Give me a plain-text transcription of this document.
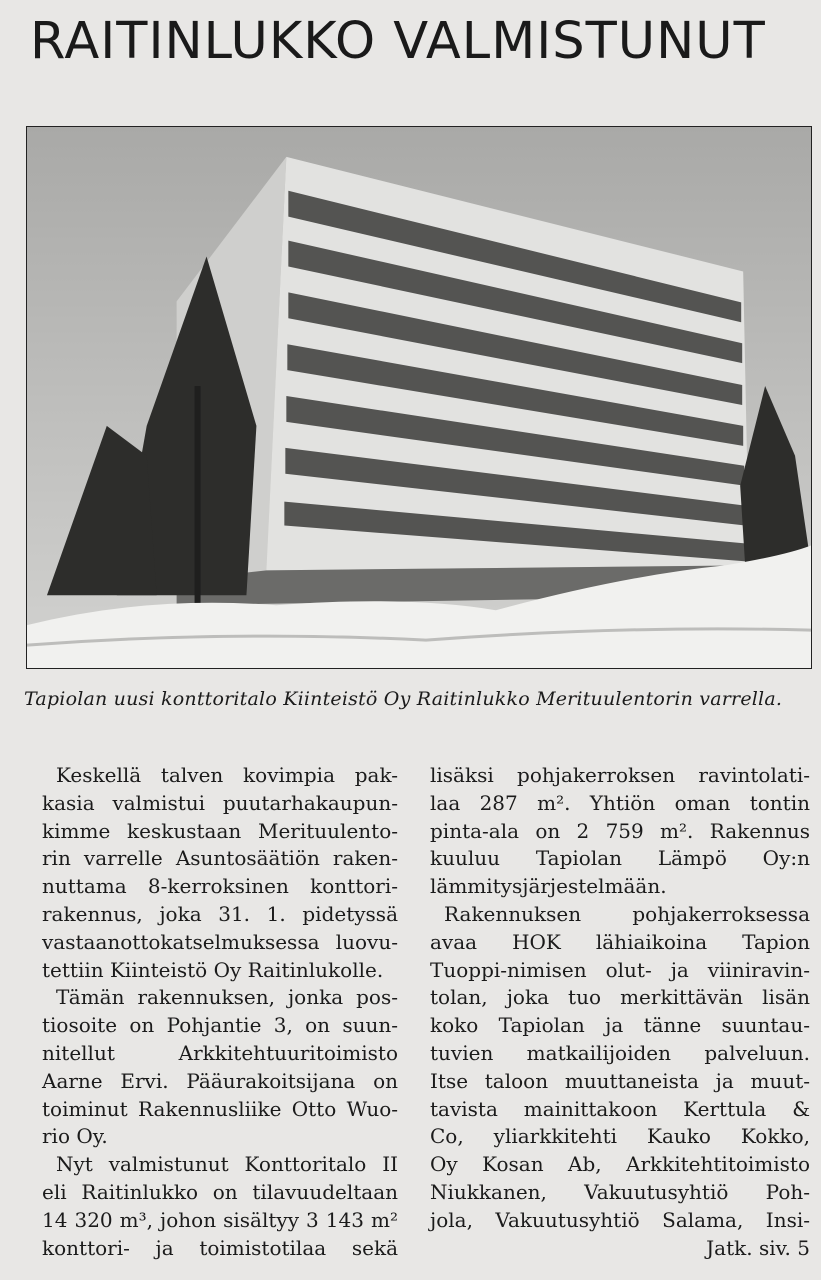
RAITINLUKKO VALMISTUNUT
Tapiolan uusi konttoritalo Kiinteistö Oy Raitinlukko Merituulentorin varrella.
Keskellä talven kovimpia pak-
kasia valmistui puutarhakaupun-
kimme keskustaan Merituulento-
rin varrelle Asuntosäätiön raken-
nuttama 8-kerroksinen konttori-
rakennus, joka 31. 1. pidetyssä
vastaanottokatselmuksessa luovu-
tettiin Kiinteistö Oy Raitinlukolle.
Tämän rakennuksen, jonka pos-
tiosoite on Pohjantie 3, on suun-
nitellut Arkkitehtuuritoimisto
Aarne Ervi. Pääurakoitsijana on
toiminut Rakennusliike Otto Wuo-
rio Oy.
Nyt valmistunut Konttoritalo II
eli Raitinlukko on tilavuudeltaan
14 320 m³, johon sisältyy 3 143 m²
konttori- ja toimistotilaa sekä
lisäksi pohjakerroksen ravintolati-
laa 287 m². Yhtiön oman tontin
pinta-ala on 2 759 m². Rakennus
kuuluu Tapiolan Lämpö Oy:n
lämmitysjärjestelmään.
Rakennuksen pohjakerroksessa
avaa HOK lähiaikoina Tapion
Tuoppi-nimisen olut- ja viiniravin-
tolan, joka tuo merkittävän lisän
koko Tapiolan ja tänne suuntau-
tuvien matkailijoiden palveluun.
Itse taloon muuttaneista ja muut-
tavista mainittakoon Kerttula &
Co, yliarkkitehti Kauko Kokko,
Oy Kosan Ab, Arkkitehtitoimisto
Niukkanen, Vakuutusyhtiö Poh-
jola, Vakuutusyhtiö Salama, Insi-
Jatk. siv. 5
